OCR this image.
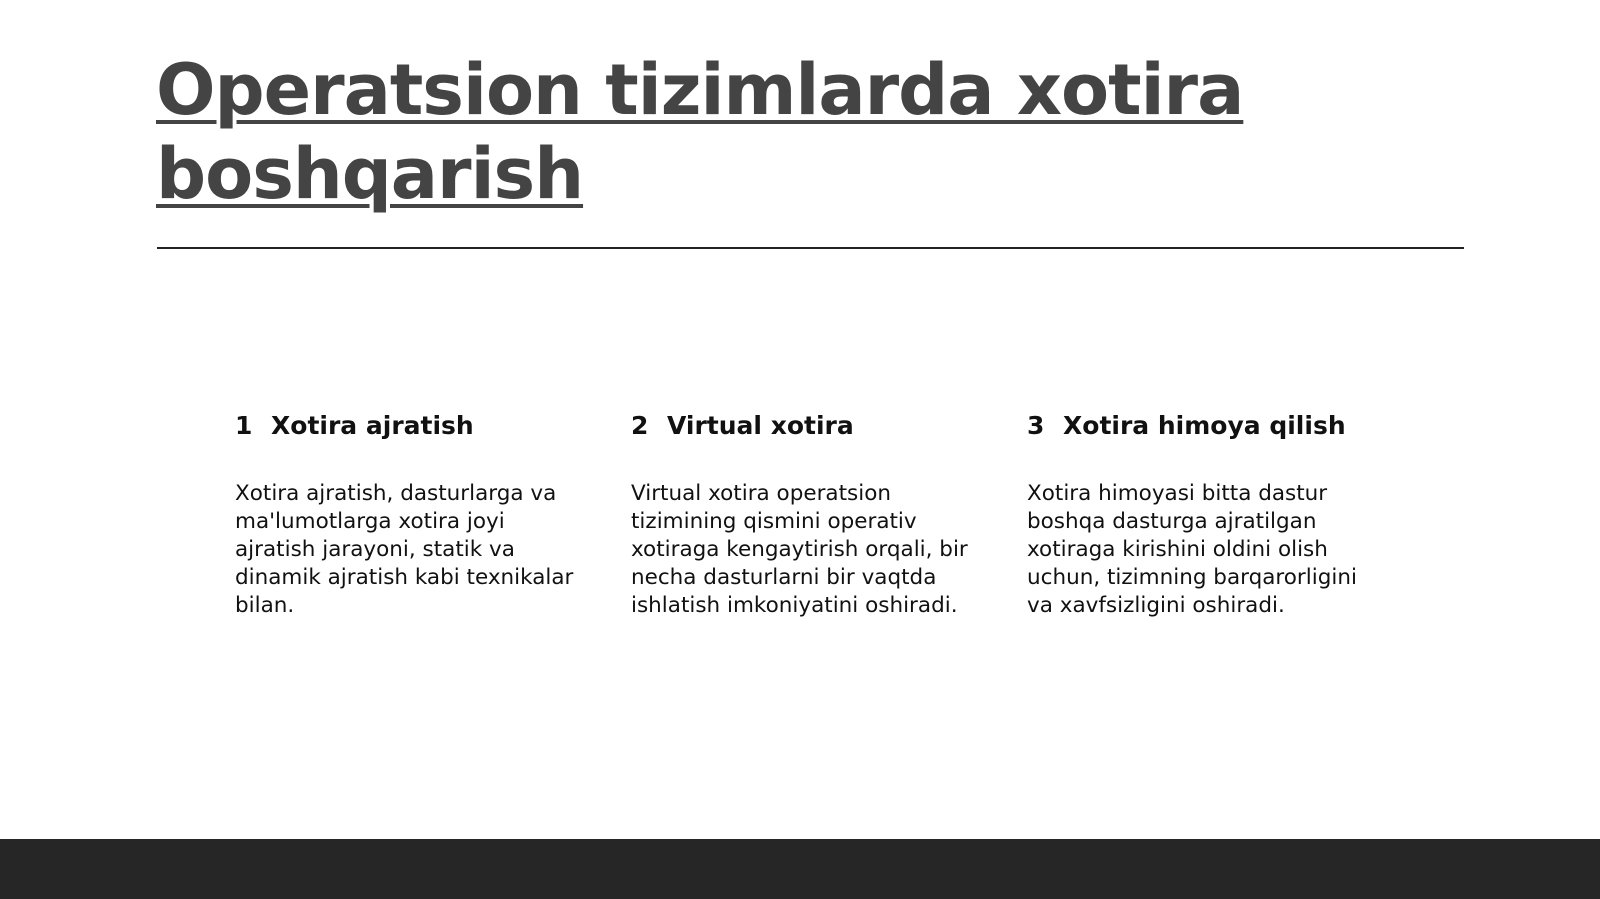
Operatsion tizimlarda xotira boshqarish
1 Xotira ajratish
Xotira ajratish, dasturlarga va ma'lumotlarga xotira joyi ajratish jarayoni, statik va dinamik ajratish kabi texnikalar bilan.
2 Virtual xotira
Virtual xotira operatsion tizimining qismini operativ xotiraga kengaytirish orqali, bir necha dasturlarni bir vaqtda ishlatish imkoniyatini oshiradi.
3 Xotira himoya qilish
Xotira himoyasi bitta dastur boshqa dasturga ajratilgan xotiraga kirishini oldini olish uchun, tizimning barqarorligini va xavfsizligini oshiradi.
